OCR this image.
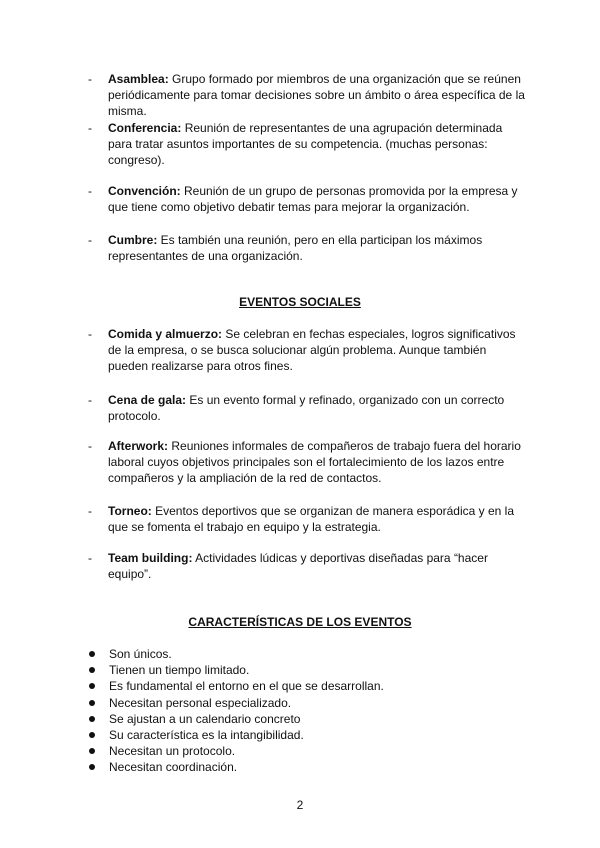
-	Asamblea: Grupo formado por miembros de una organización que se reúnen periódicamente para tomar decisiones sobre un ámbito o área específica de la misma.
-	Conferencia: Reunión de representantes de una agrupación determinada para tratar asuntos importantes de su competencia. (muchas personas: congreso).
-	Convención: Reunión de un grupo de personas promovida por la empresa y que tiene como objetivo debatir temas para mejorar la organización.
-	Cumbre: Es también una reunión, pero en ella participan los máximos representantes de una organización.
EVENTOS SOCIALES
-	Comida y almuerzo: Se celebran en fechas especiales, logros significativos de la empresa, o se busca solucionar algún problema. Aunque también pueden realizarse para otros fines.
-	Cena de gala: Es un evento formal y refinado, organizado con un correcto protocolo.
-	Afterwork: Reuniones informales de compañeros de trabajo fuera del horario laboral cuyos objetivos principales son el fortalecimiento de los lazos entre compañeros y la ampliación de la red de contactos.
-	Torneo: Eventos deportivos que se organizan de manera esporádica y en la que se fomenta el trabajo en equipo y la estrategia.
-	Team building: Actividades lúdicas y deportivas diseñadas para “hacer equipo”.
CARACTERÍSTICAS DE LOS EVENTOS
Son únicos.
Tienen un tiempo limitado.
Es fundamental el entorno en el que se desarrollan.
Necesitan personal especializado.
Se ajustan a un calendario concreto
Su característica es la intangibilidad.
Necesitan un protocolo.
Necesitan coordinación.
2
